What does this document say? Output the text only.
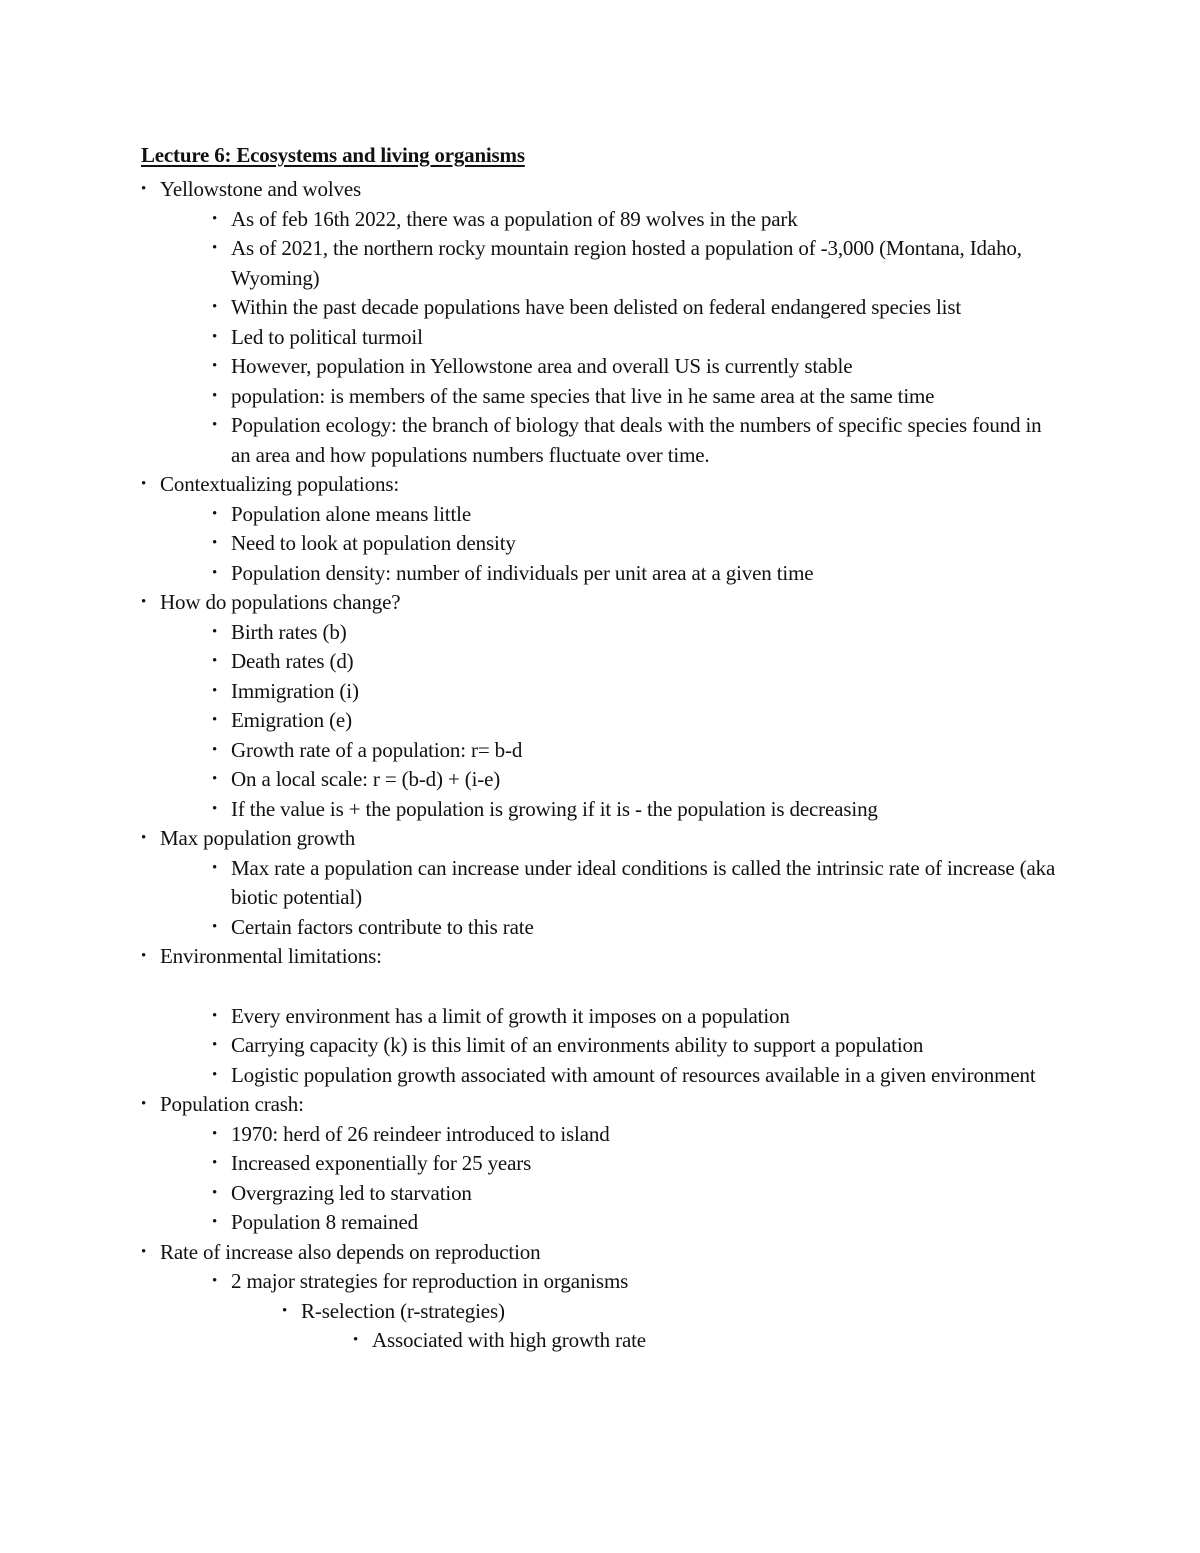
Lecture 6: Ecosystems and living organisms
• Yellowstone and wolves
• As of feb 16th 2022, there was a population of 89 wolves in the park
• As of 2021, the northern rocky mountain region hosted a population of -3,000 (Montana, Idaho, Wyoming)
• Within the past decade populations have been delisted on federal endangered species list
• Led to political turmoil
• However, population in Yellowstone area and overall US is currently stable
• population: is members of the same species that live in he same area at the same time
• Population ecology: the branch of biology that deals with the numbers of specific species found in an area and how populations numbers fluctuate over time.
• Contextualizing populations:
• Population alone means little
• Need to look at population density
• Population density: number of individuals per unit area at a given time
• How do populations change?
• Birth rates (b)
• Death rates (d)
• Immigration (i)
• Emigration (e)
• Growth rate of a population: r= b-d
• On a local scale: r = (b-d) + (i-e)
• If the value is + the population is growing if it is - the population is decreasing
• Max population growth
• Max rate a population can increase under ideal conditions is called the intrinsic rate of increase (aka biotic potential)
• Certain factors contribute to this rate
• Environmental limitations:
• Every environment has a limit of growth it imposes on a population
• Carrying capacity (k) is this limit of an environments ability to support a population
• Logistic population growth associated with amount of resources available in a given environment
• Population crash:
• 1970: herd of 26 reindeer introduced to island
• Increased exponentially for 25 years
• Overgrazing led to starvation
• Population 8 remained
• Rate of increase also depends on reproduction
• 2 major strategies for reproduction in organisms
• R-selection (r-strategies)
• Associated with high growth rate
